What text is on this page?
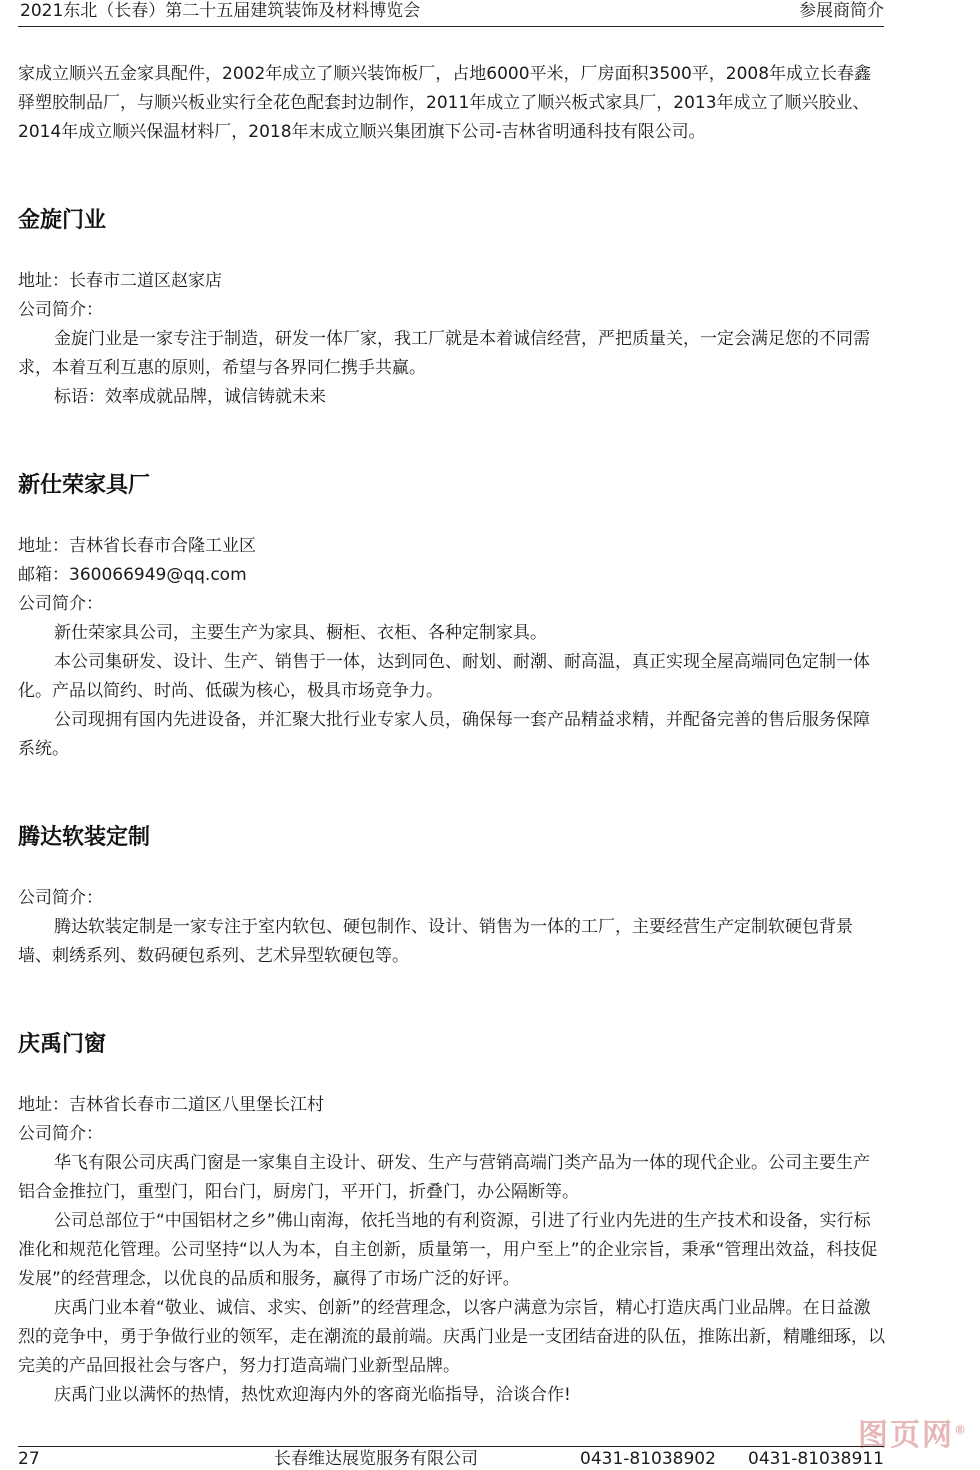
2021东北（长春）第二十五届建筑装饰及材料博览会	参展商简介

家成立顺兴五金家具配件，2002年成立了顺兴装饰板厂，占地6000平米，厂房面积3500平，2008年成立长春鑫驿塑胶制品厂，与顺兴板业实行全花色配套封边制作，2011年成立了顺兴板式家具厂，2013年成立了顺兴胶业、2014年成立顺兴保温材料厂，2018年末成立顺兴集团旗下公司-吉林省明通科技有限公司。

金旋门业

地址：长春市二道区赵家店

公司简介：

金旋门业是一家专注于制造，研发一体厂家，我工厂就是本着诚信经营，严把质量关，一定会满足您的不同需求，本着互利互惠的原则，希望与各界同仁携手共赢。

标语：效率成就品牌，诚信铸就未来

新仕荣家具厂

地址：吉林省长春市合隆工业区

邮箱：360066949@qq.com

公司简介：

新仕荣家具公司，主要生产为家具、橱柜、衣柜、各种定制家具。

本公司集研发、设计、生产、销售于一体，达到同色、耐划、耐潮、耐高温，真正实现全屋高端同色定制一体化。产品以简约、时尚、低碳为核心，极具市场竞争力。

公司现拥有国内先进设备，并汇聚大批行业专家人员，确保每一套产品精益求精，并配备完善的售后服务保障系统。

腾达软装定制

公司简介：

腾达软装定制是一家专注于室内软包、硬包制作、设计、销售为一体的工厂，主要经营生产定制软硬包背景墙、刺绣系列、数码硬包系列、艺术异型软硬包等。

庆禹门窗

地址：吉林省长春市二道区八里堡长江村

公司简介：

华飞有限公司庆禹门窗是一家集自主设计、研发、生产与营销高端门类产品为一体的现代企业。公司主要生产铝合金推拉门，重型门，阳台门，厨房门，平开门，折叠门，办公隔断等。

公司总部位于“中国铝材之乡”佛山南海，依托当地的有利资源，引进了行业内先进的生产技术和设备，实行标准化和规范化管理。公司坚持“以人为本，自主创新，质量第一，用户至上”的企业宗旨，秉承“管理出效益，科技促发展”的经营理念，以优良的品质和服务，赢得了市场广泛的好评。

庆禹门业本着“敬业、诚信、求实、创新”的经营理念，以客户满意为宗旨，精心打造庆禹门业品牌。在日益激烈的竞争中，勇于争做行业的领军，走在潮流的最前端。庆禹门业是一支团结奋进的队伍，推陈出新，精雕细琢，以完美的产品回报社会与客户，努力打造高端门业新型品牌。

庆禹门业以满怀的热情，热忱欢迎海内外的客商光临指导，洽谈合作!

图页网®
27	长春维达展览服务有限公司	0431-81038902 0431-81038911
